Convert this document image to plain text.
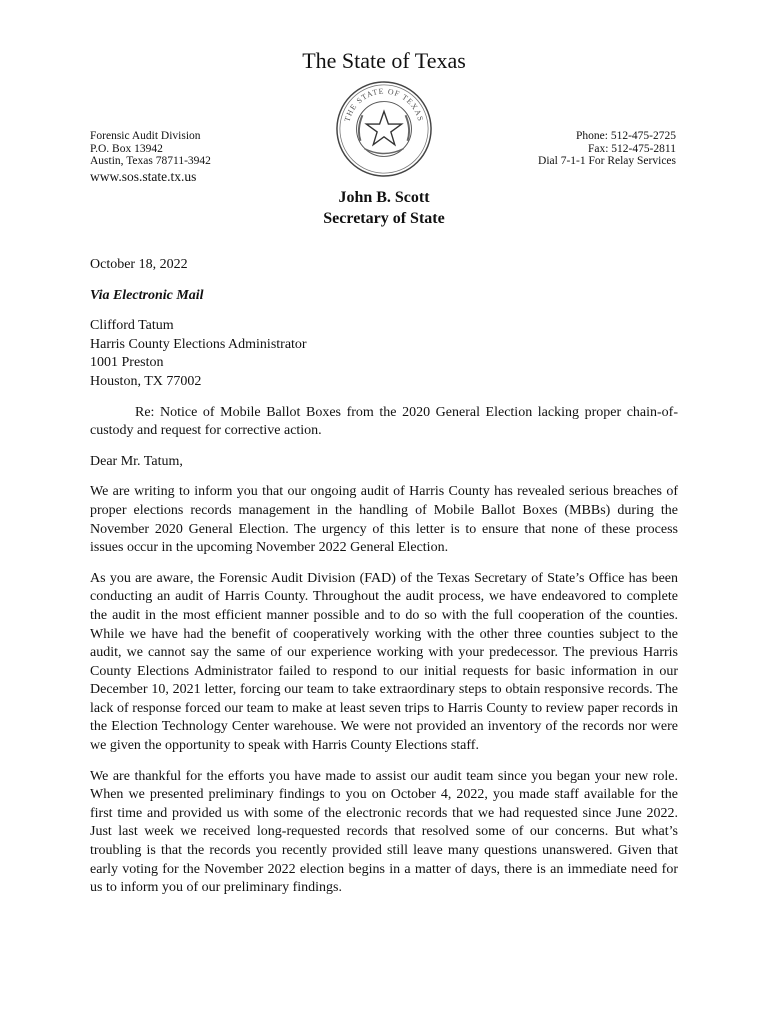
The State of Texas
THE STATE OF TEXAS
Forensic Audit Division
P.O. Box 13942
Austin, Texas 78711-3942
www.sos.state.tx.us
Phone: 512-475-2725
Fax: 512-475-2811
Dial 7-1-1 For Relay Services
John B. Scott
Secretary of State

October 18, 2022

Via Electronic Mail

Clifford Tatum
Harris County Elections Administrator
1001 Preston
Houston, TX 77002

Re: Notice of Mobile Ballot Boxes from the 2020 General Election lacking proper chain-of-custody and request for corrective action.

Dear Mr. Tatum,

We are writing to inform you that our ongoing audit of Harris County has revealed serious breaches of proper elections records management in the handling of Mobile Ballot Boxes (MBBs) during the November 2020 General Election. The urgency of this letter is to ensure that none of these process issues occur in the upcoming November 2022 General Election.

As you are aware, the Forensic Audit Division (FAD) of the Texas Secretary of State’s Office has been conducting an audit of Harris County. Throughout the audit process, we have endeavored to complete the audit in the most efficient manner possible and to do so with the full cooperation of the counties. While we have had the benefit of cooperatively working with the other three counties subject to the audit, we cannot say the same of our experience working with your predecessor. The previous Harris County Elections Administrator failed to respond to our initial requests for basic information in our December 10, 2021 letter, forcing our team to take extraordinary steps to obtain responsive records. The lack of response forced our team to make at least seven trips to Harris County to review paper records in the Election Technology Center warehouse. We were not provided an inventory of the records nor were we given the opportunity to speak with Harris County Elections staff.

We are thankful for the efforts you have made to assist our audit team since you began your new role. When we presented preliminary findings to you on October 4, 2022, you made staff available for the first time and provided us with some of the electronic records that we had requested since June 2022. Just last week we received long-requested records that resolved some of our concerns. But what’s troubling is that the records you recently provided still leave many questions unanswered. Given that early voting for the November 2022 election begins in a matter of days, there is an immediate need for us to inform you of our preliminary findings.
